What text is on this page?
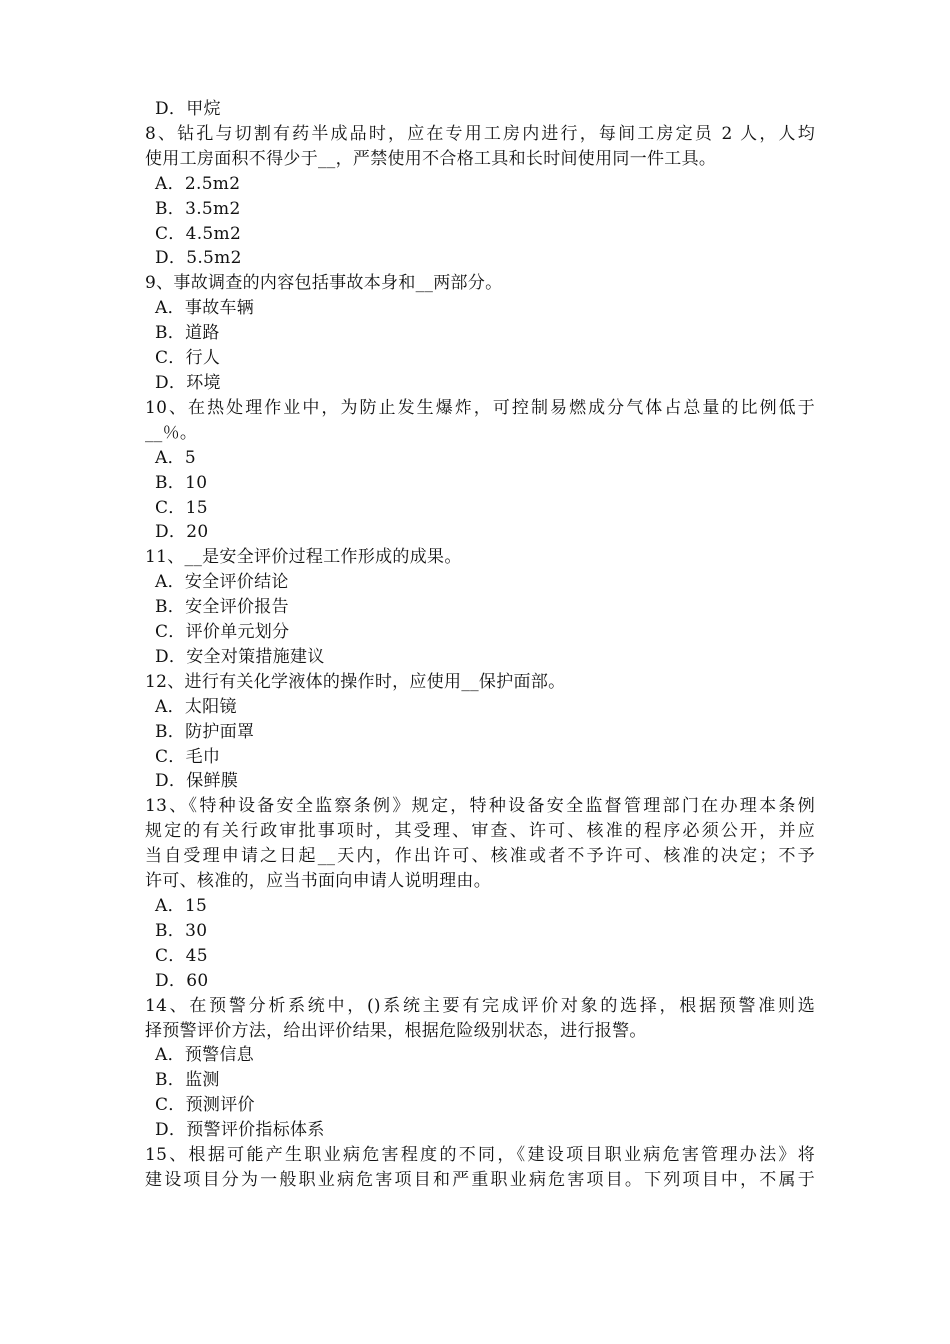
D．甲烷
8、钻孔与切割有药半成品时，应在专用工房内进行，每间工房定员 2 人，人均
使用工房面积不得少于__，严禁使用不合格工具和长时间使用同一件工具。
A．2.5m2
B．3.5m2
C．4.5m2
D．5.5m2
9、事故调查的内容包括事故本身和__两部分。
A．事故车辆
B．道路
C．行人
D．环境
10、在热处理作业中，为防止发生爆炸，可控制易燃成分气体占总量的比例低于
__％。
A．5
B．10
C．15
D．20
11、__是安全评价过程工作形成的成果。
A．安全评价结论
B．安全评价报告
C．评价单元划分
D．安全对策措施建议
12、进行有关化学液体的操作时，应使用__保护面部。
A．太阳镜
B．防护面罩
C．毛巾
D．保鲜膜
13、《特种设备安全监察条例》规定，特种设备安全监督管理部门在办理本条例
规定的有关行政审批事项时，其受理、审查、许可、核准的程序必须公开，并应
当自受理申请之日起__天内，作出许可、核准或者不予许可、核准的决定；不予
许可、核准的，应当书面向申请人说明理由。
A．15
B．30
C．45
D．60
14、在预警分析系统中，()系统主要有完成评价对象的选择，根据预警准则选
择预警评价方法，给出评价结果，根据危险级别状态，进行报警。
A．预警信息
B．监测
C．预测评价
D．预警评价指标体系
15、根据可能产生职业病危害程度的不同，《建设项目职业病危害管理办法》将
建设项目分为一般职业病危害项目和严重职业病危害项目。下列项目中，不属于
